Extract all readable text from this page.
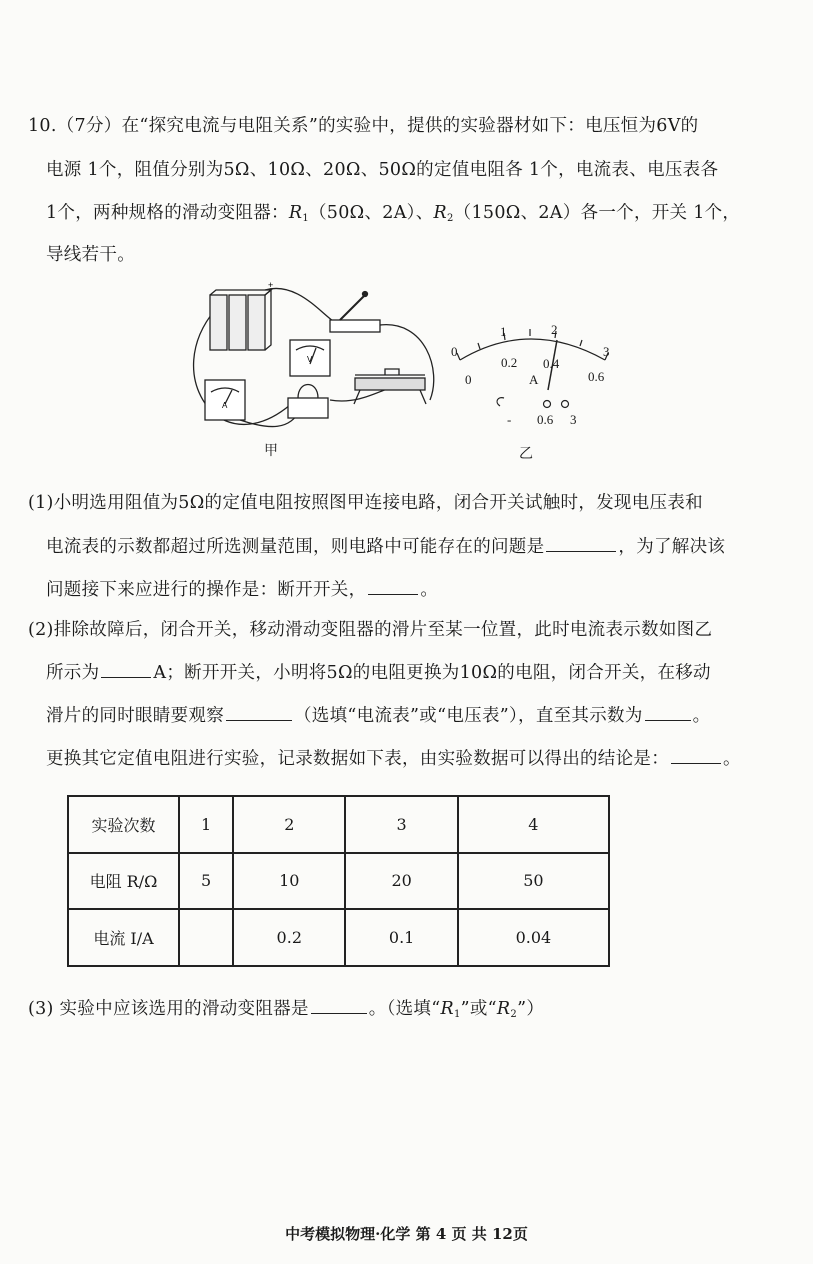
10.（7分）在“探究电流与电阻关系”的实验中，提供的实验器材如下：电压恒为6V的
电源 1个，阻值分别为5Ω、10Ω、20Ω、50Ω的定值电阻各 1个，电流表、电压表各
1个，两种规格的滑动变阻器：$R_1(50\Omega$、2A）、$R_2(150\Omega$、2A）各一个，开关 1个，
导线若干。
+
A
V
甲
0
1	2
3
0
0.2 0.4
0.6
A
- 0.6 3
乙
(1)小明选用阻值为5Ω的定值电阻按照图甲连接电路，闭合开关试触时，发现电压表和
电流表的示数都超过所选测量范围，则电路中可能存在的问题是	，为了解决该
问题接下来应进行的操作是：断开开关，	。
(2)排除故障后，闭合开关，移动滑动变阻器的滑片至某一位置，此时电流表示数如图乙
所示为	A；断开开关，小明将5Ω的电阻更换为10Ω的电阻，闭合开关，在移动
滑片的同时眼睛要观察	（选填“电流表”或“电压表”），直至其示数为	。
更换其它定值电阻进行实验，记录数据如下表，由实验数据可以得出的结论是：	。
实验次数	1	2	3	4
电阻 R/Ω	5	10	20	50
电流 I/A		0.2	0.1	0.04
(3) 实验中应该选用的滑动变阻器是	。（选填“$R_1$”或“$R_2$”）
中考模拟物理·化学 第 4 页 共 12页
